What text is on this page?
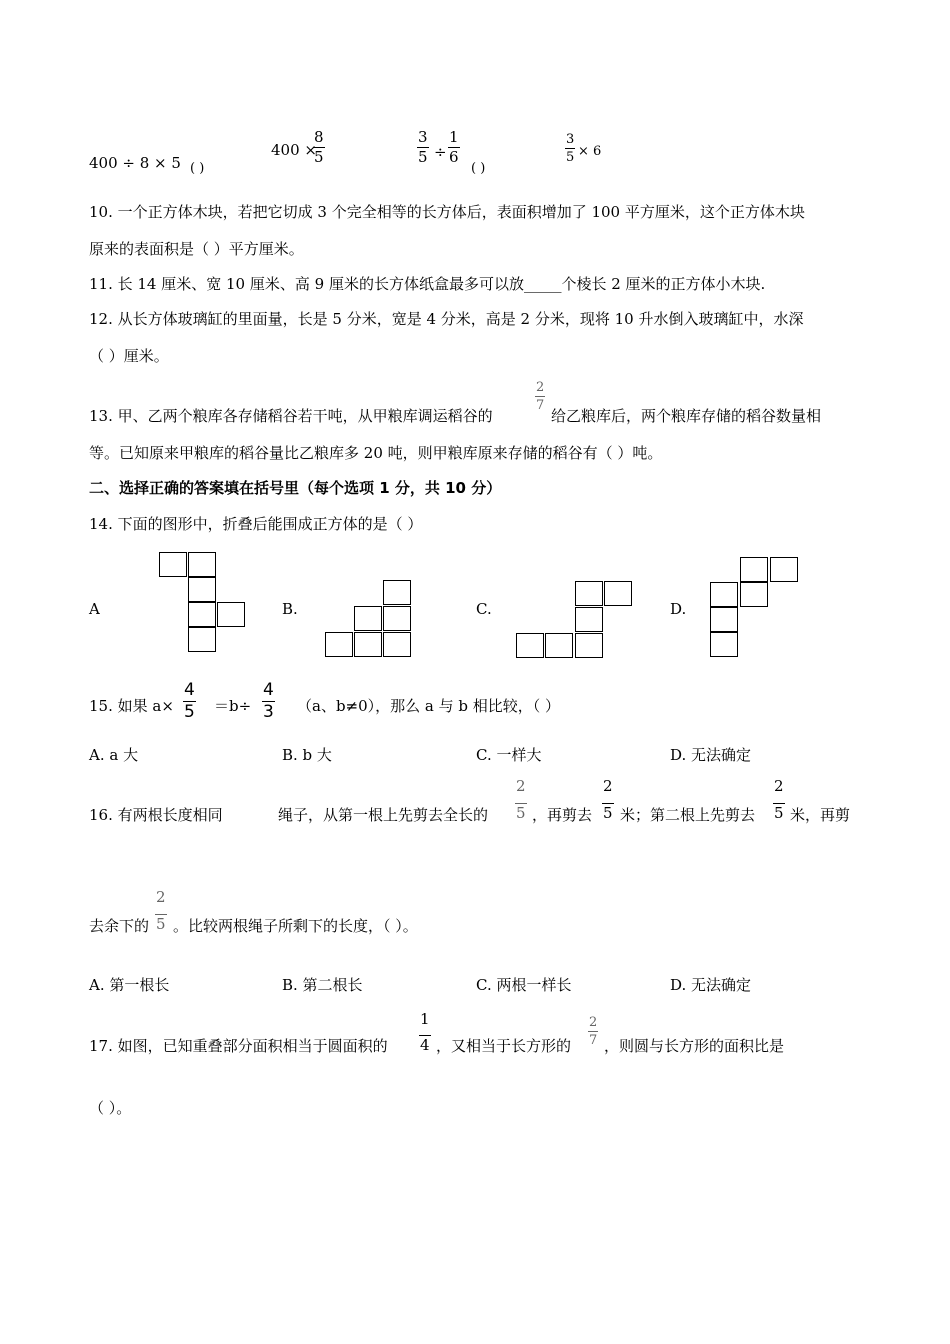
400 ÷ 8 × 5 ( )
400 ×
8
5
3
5 ÷
1
6
( )
3
5 × 6
10. 一个正方体木块，若把它切成 3 个完全相等的长方体后，表面积增加了 100 平方厘米，这个正方体木块
原来的表面积是（ ）平方厘米。
11. 长 14 厘米、宽 10 厘米、高 9 厘米的长方体纸盒最多可以放_____个棱长 2 厘米的正方体小木块.
12. 从长方体玻璃缸的里面量，长是 5 分米，宽是 4 分米，高是 2 分米，现将 10 升水倒入玻璃缸中，水深
（ ）厘米。
13. 甲、乙两个粮库各存储稻谷若干吨，从甲粮库调运稻谷的
2
7
给乙粮库后，两个粮库存储的稻谷数量相
等。已知原来甲粮库的稻谷量比乙粮库多 20 吨，则甲粮库原来存储的稻谷有（ ）吨。
二、选择正确的答案填在括号里（每个选项 1 分，共 10 分）
14. 下面的图形中，折叠后能围成正方体的是（ ）
A	B.	C.	D.
15. 如果 a×
4
5 ＝b÷
4
3 （a、b≠0），那么 a 与 b 相比较，（ ）
A. a 大	B. b 大	C. 一样大	D. 无法确定
16. 有两根长度相同	绳子，从第一根上先剪去全长的
2
5 ，再剪去
2
5 米；第二根上先剪去
2
5 米，再剪
去余下的
2
5 。比较两根绳子所剩下的长度，（ ）。
A. 第一根长	B. 第二根长	C. 两根一样长	D. 无法确定
17. 如图，已知重叠部分面积相当于圆面积的
1
4 ，又相当于长方形的
2
7 ，则圆与长方形的面积比是
（ ）。
